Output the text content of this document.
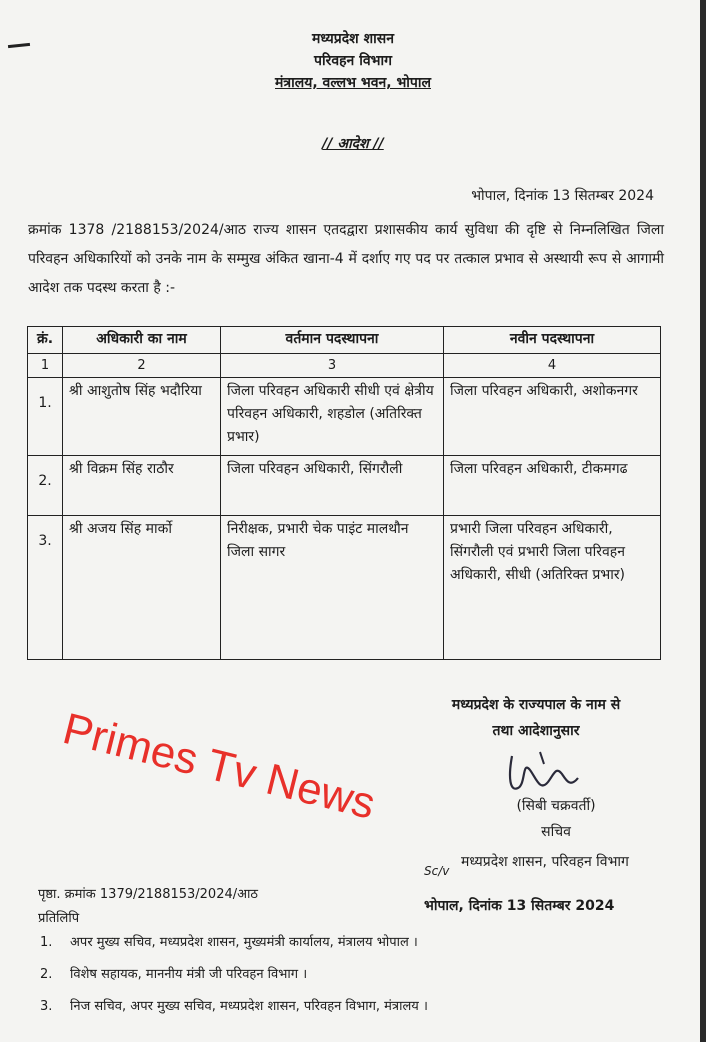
मध्यप्रदेश शासन
परिवहन विभाग
मंत्रालय, वल्लभ भवन, भोपाल
// आदेश //
भोपाल, दिनांक 13 सितम्बर 2024
क्रमांक 1378 /2188153/2024/आठ राज्य शासन एतदद्वारा प्रशासकीय कार्य सुविधा की दृष्टि से निम्नलिखित जिला परिवहन अधिकारियों को उनके नाम के सम्मुख अंकित खाना-4 में दर्शाए गए पद पर तत्काल प्रभाव से अस्थायी रूप से आगामी आदेश तक पदस्थ करता है :-
क्रं.	अधिकारी का नाम	वर्तमान पदस्थापना	नवीन पदस्थापना
1	2	3	4
1.	श्री आशुतोष सिंह भदौरिया	जिला परिवहन अधिकारी सीधी एवं क्षेत्रीय परिवहन अधिकारी, शहडोल (अतिरिक्त प्रभार)	जिला परिवहन अधिकारी, अशोकनगर
2.	श्री विक्रम सिंह राठौर	जिला परिवहन अधिकारी, सिंगरौली	जिला परिवहन अधिकारी, टीकमगढ
3.	श्री अजय सिंह मार्को	निरीक्षक, प्रभारी चेक पाइंट मालथौन जिला सागर	प्रभारी जिला परिवहन अधिकारी, सिंगरौली एवं प्रभारी जिला परिवहन अधिकारी, सीधी (अतिरिक्त प्रभार)
मध्यप्रदेश के राज्यपाल के नाम से
तथा आदेशानुसार
Primes Tv News	(सिबी चक्रवर्ती)
सचिव
मध्यप्रदेश शासन, परिवहन विभाग
Sc/v
पृष्ठा. क्रमांक 1379/2188153/2024/आठ
भोपाल, दिनांक 13 सितम्बर 2024
प्रतिलिपि
1.	अपर मुख्य सचिव, मध्यप्रदेश शासन, मुख्यमंत्री कार्यालय, मंत्रालय भोपाल ।
2.	विशेष सहायक, माननीय मंत्री जी परिवहन विभाग ।
3.	निज सचिव, अपर मुख्य सचिव, मध्यप्रदेश शासन, परिवहन विभाग, मंत्रालय ।
